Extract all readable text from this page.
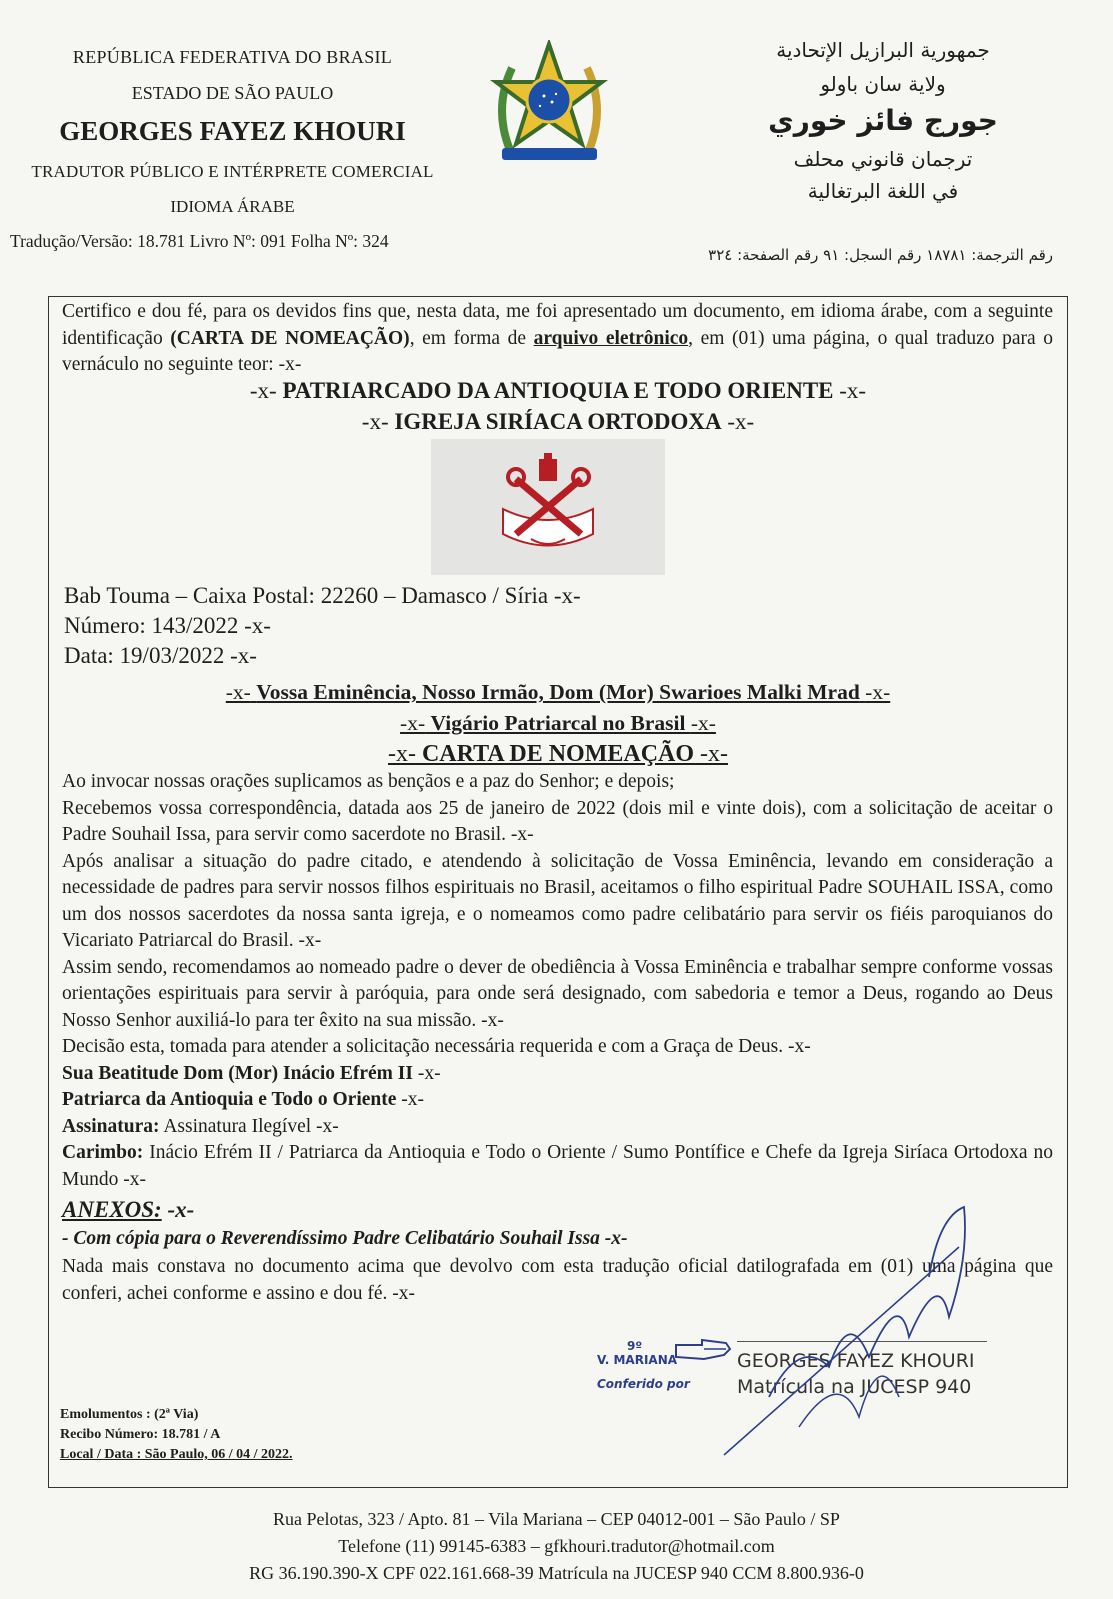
REPÚBLICA FEDERATIVA DO BRASIL
ESTADO DE SÃO PAULO
GEORGES FAYEZ KHOURI
TRADUTOR PÚBLICO E INTÉRPRETE COMERCIAL
IDIOMA ÁRABE
Tradução/Versão: 18.781 Livro Nº: 091 Folha Nº: 324
جمهورية البرازيل الإتحادية
ولاية سان باولو
جورج فائز خوري
ترجمان قانوني محلف
في اللغة البرتغالية
رقم الترجمة: ١٨٧٨١ رقم السجل: ٩١ رقم الصفحة: ٣٢٤
Certifico e dou fé, para os devidos fins que, nesta data, me foi apresentado um documento, em idioma árabe, com a seguinte identificação (CARTA DE NOMEAÇÃO), em forma de arquivo eletrônico, em (01) uma página, o qual traduzo para o vernáculo no seguinte teor: -x-
-x- PATRIARCADO DA ANTIOQUIA E TODO ORIENTE -x-
-x- IGREJA SIRÍACA ORTODOXA -x-
Bab Touma – Caixa Postal: 22260 – Damasco / Síria -x-
Número: 143/2022 -x-
Data: 19/03/2022 -x-
-x- Vossa Eminência, Nosso Irmão, Dom (Mor) Swarioes Malki Mrad -x-
-x- Vigário Patriarcal no Brasil -x-
-x- CARTA DE NOMEAÇÃO -x-
Ao invocar nossas orações suplicamos as bençãos e a paz do Senhor; e depois;
Recebemos vossa correspondência, datada aos 25 de janeiro de 2022 (dois mil e vinte dois), com a solicitação de aceitar o Padre Souhail Issa, para servir como sacerdote no Brasil. -x-
Após analisar a situação do padre citado, e atendendo à solicitação de Vossa Eminência, levando em consideração a necessidade de padres para servir nossos filhos espirituais no Brasil, aceitamos o filho espiritual Padre SOUHAIL ISSA, como um dos nossos sacerdotes da nossa santa igreja, e o nomeamos como padre celibatário para servir os fiéis paroquianos do Vicariato Patriarcal do Brasil. -x-
Assim sendo, recomendamos ao nomeado padre o dever de obediência à Vossa Eminência e trabalhar sempre conforme vossas orientações espirituais para servir à paróquia, para onde será designado, com sabedoria e temor a Deus, rogando ao Deus Nosso Senhor auxiliá-lo para ter êxito na sua missão. -x-
Decisão esta, tomada para atender a solicitação necessária requerida e com a Graça de Deus. -x-
Sua Beatitude Dom (Mor) Inácio Efrém II -x-
Patriarca da Antioquia e Todo o Oriente -x-
Assinatura: Assinatura Ilegível -x-
Carimbo: Inácio Efrém II / Patriarca da Antioquia e Todo o Oriente / Sumo Pontífice e Chefe da Igreja Siríaca Ortodoxa no Mundo -x-
ANEXOS: -x-
- Com cópia para o Reverendíssimo Padre Celibatário Souhail Issa -x-
Nada mais constava no documento acima que devolvo com esta tradução oficial datilografada em (01) uma página que conferi, achei conforme e assino e dou fé. -x-
9º
V. MARIANA
Conferido por
GEORGES FAYEZ KHOURI
Matrícula na JUCESP 940
Emolumentos : (2ª Via)
Recibo Número: 18.781 / A
Local / Data : São Paulo, 06 / 04 / 2022.
Rua Pelotas, 323 / Apto. 81 – Vila Mariana – CEP 04012-001 – São Paulo / SP
Telefone (11) 99145-6383 – gfkhouri.tradutor@hotmail.com
RG 36.190.390-X CPF 022.161.668-39 Matrícula na JUCESP 940 CCM 8.800.936-0
